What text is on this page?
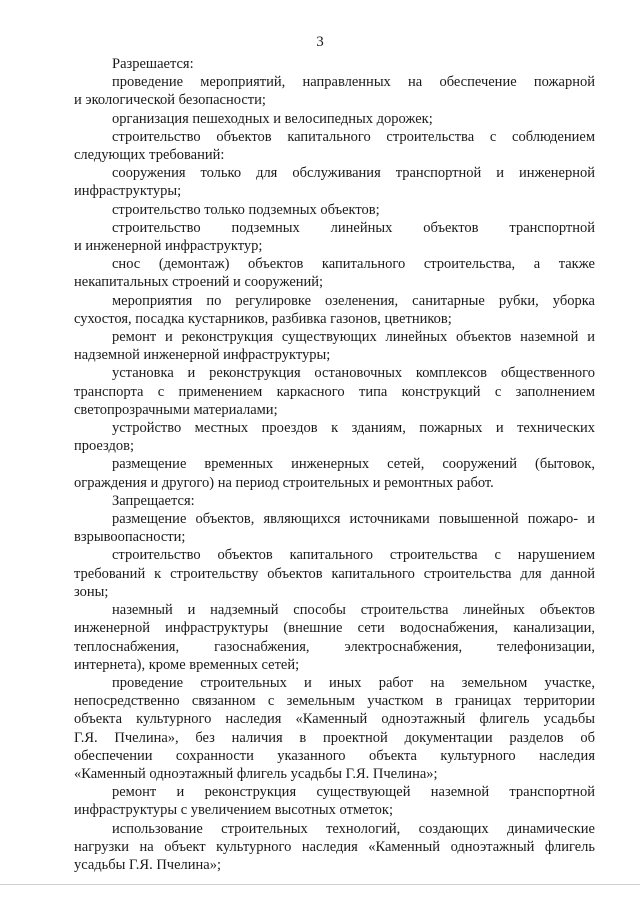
3
Разрешается:
проведение мероприятий, направленных на обеспечение пожарной
и экологической безопасности;
организация пешеходных и велосипедных дорожек;
строительство объектов капитального строительства с соблюдением
следующих требований:
сооружения только для обслуживания транспортной и инженерной
инфраструктуры;
строительство только подземных объектов;
строительство подземных линейных объектов транспортной
и инженерной инфраструктур;
снос (демонтаж) объектов капитального строительства, а также
некапитальных строений и сооружений;
мероприятия по регулировке озеленения, санитарные рубки, уборка
сухостоя, посадка кустарников, разбивка газонов, цветников;
ремонт и реконструкция существующих линейных объектов наземной и
надземной инженерной инфраструктуры;
установка и реконструкция остановочных комплексов общественного
транспорта с применением каркасного типа конструкций с заполнением
светопрозрачными материалами;
устройство местных проездов к зданиям, пожарных и технических
проездов;
размещение временных инженерных сетей, сооружений (бытовок,
ограждения и другого) на период строительных и ремонтных работ.
Запрещается:
размещение объектов, являющихся источниками повышенной пожаро- и
взрывоопасности;
строительство объектов капитального строительства с нарушением
требований к строительству объектов капитального строительства для данной
зоны;
наземный и надземный способы строительства линейных объектов
инженерной инфраструктуры (внешние сети водоснабжения, канализации,
теплоснабжения, газоснабжения, электроснабжения, телефонизации,
интернета), кроме временных сетей;
проведение строительных и иных работ на земельном участке,
непосредственно связанном с земельным участком в границах территории
объекта культурного наследия «Каменный одноэтажный флигель усадьбы
Г.Я. Пчелина», без наличия в проектной документации разделов об
обеспечении сохранности указанного объекта культурного наследия
«Каменный одноэтажный флигель усадьбы Г.Я. Пчелина»;
ремонт и реконструкция существующей наземной транспортной
инфраструктуры с увеличением высотных отметок;
использование строительных технологий, создающих динамические
нагрузки на объект культурного наследия «Каменный одноэтажный флигель
усадьбы Г.Я. Пчелина»;
